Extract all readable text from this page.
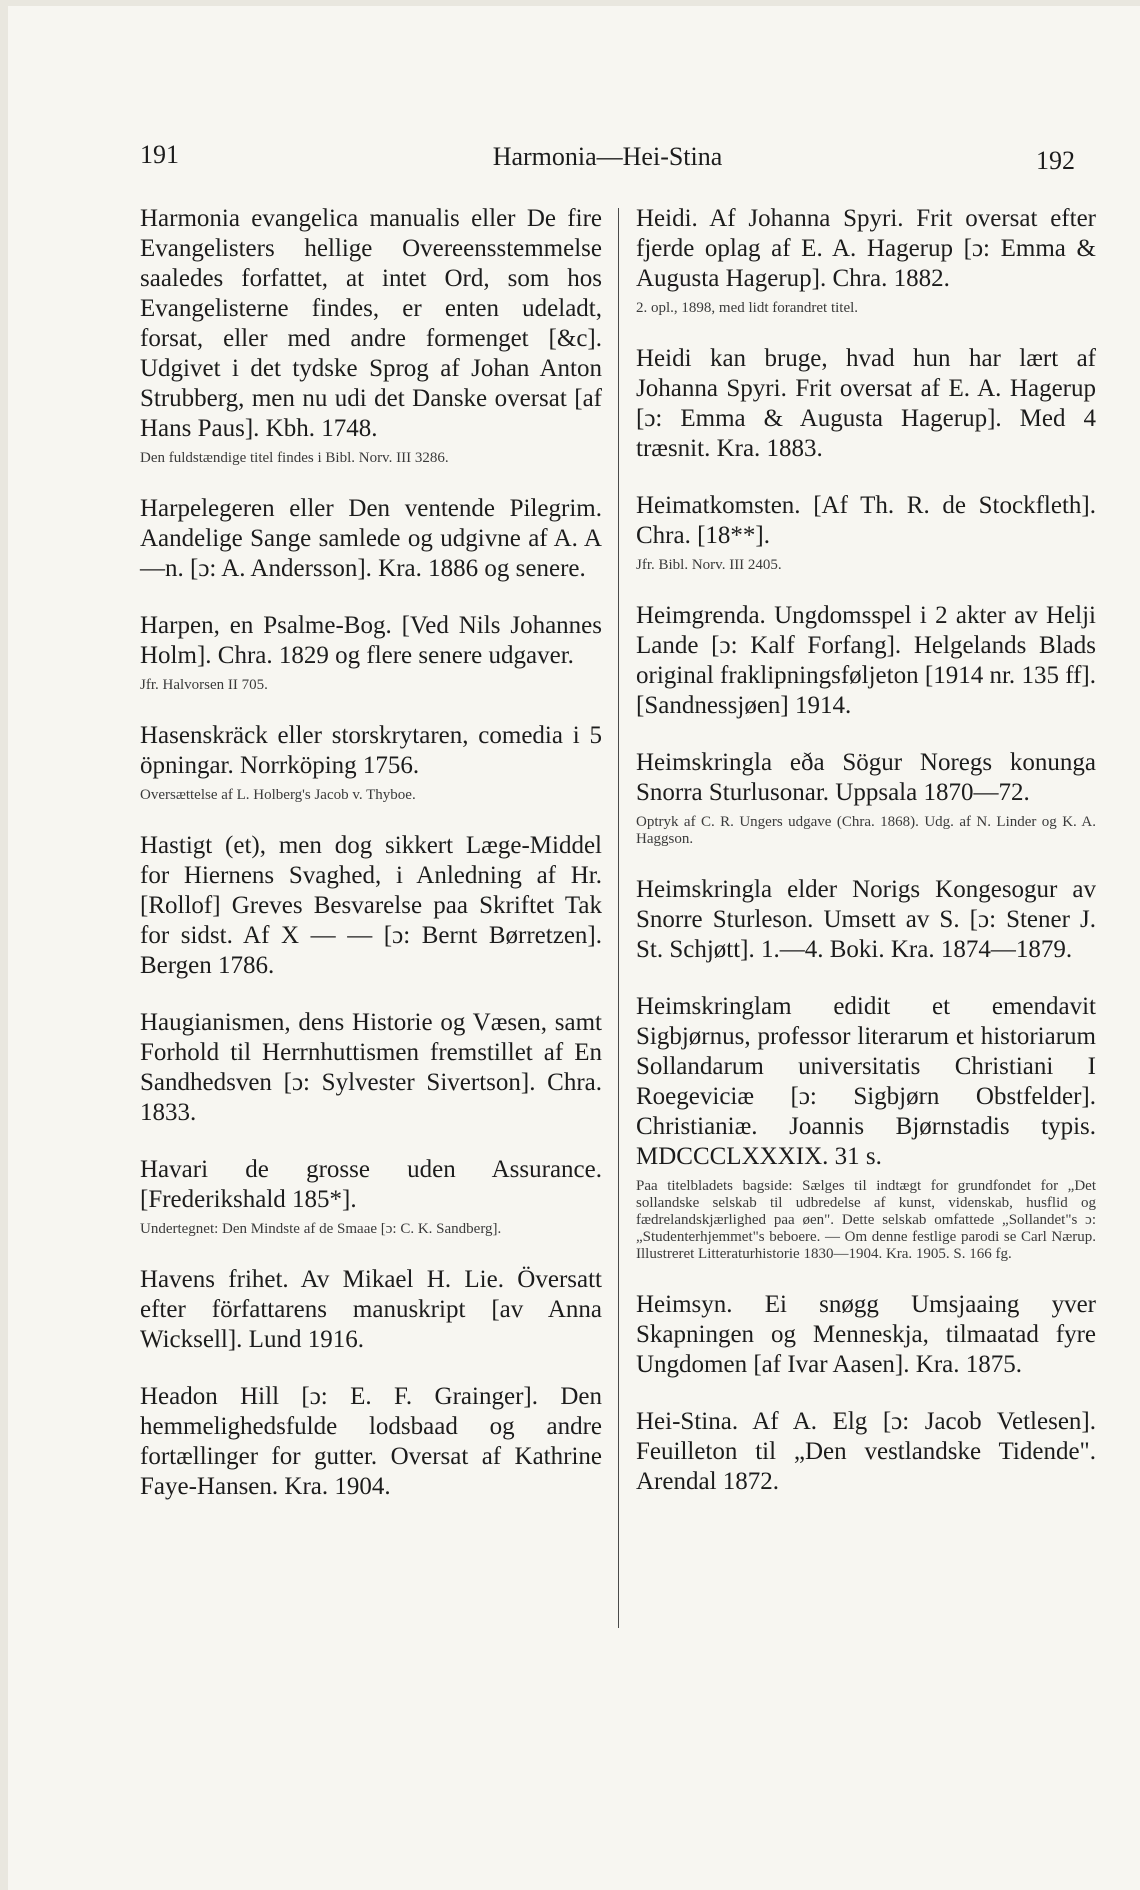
191	Harmonia—Hei-Stina	192

Harmonia evangelica manualis eller De fire Evangelisters hellige Overeensstemmelse saaledes forfattet, at intet Ord, som hos Evangelisterne findes, er enten udeladt, forsat, eller med andre formenget [&c]. Udgivet i det tydske Sprog af Johan Anton Strubberg, men nu udi det Danske oversat [af Hans Paus]. Kbh. 1748.

Den fuldstændige titel findes i Bibl. Norv. III 3286.

Harpelegeren eller Den ventende Pilegrim. Aandelige Sange samlede og udgivne af A. A—n. [ɔ: A. Andersson]. Kra. 1886 og senere.

Harpen, en Psalme-Bog. [Ved Nils Johannes Holm]. Chra. 1829 og flere senere udgaver.

Jfr. Halvorsen II 705.

Hasenskräck eller storskrytaren, comedia i 5 öpningar. Norrköping 1756.

Oversættelse af L. Holberg's Jacob v. Thyboe.

Hastigt (et), men dog sikkert Læge-Middel for Hiernens Svaghed, i Anledning af Hr. [Rollof] Greves Besvarelse paa Skriftet Tak for sidst. Af X — — [ɔ: Bernt Børretzen]. Bergen 1786.

Haugianismen, dens Historie og Væsen, samt Forhold til Herrnhuttismen fremstillet af En Sandhedsven [ɔ: Sylvester Sivertson]. Chra. 1833.

Havari de grosse uden Assurance. [Frederikshald 185*].

Undertegnet: Den Mindste af de Smaae [ɔ: C. K. Sandberg].

Havens frihet. Av Mikael H. Lie. Översatt efter författarens manuskript [av Anna Wicksell]. Lund 1916.

Headon Hill [ɔ: E. F. Grainger]. Den hemmelighedsfulde lodsbaad og andre fortællinger for gutter. Oversat af Kathrine Faye-Hansen. Kra. 1904.

Heidi. Af Johanna Spyri. Frit oversat efter fjerde oplag af E. A. Hagerup [ɔ: Emma & Augusta Hagerup]. Chra. 1882.

2. opl., 1898, med lidt forandret titel.

Heidi kan bruge, hvad hun har lært af Johanna Spyri. Frit oversat af E. A. Hagerup [ɔ: Emma & Augusta Hagerup]. Med 4 træsnit. Kra. 1883.

Heimatkomsten. [Af Th. R. de Stockfleth]. Chra. [18**].

Jfr. Bibl. Norv. III 2405.

Heimgrenda. Ungdomsspel i 2 akter av Helji Lande [ɔ: Kalf Forfang]. Helgelands Blads original fraklipningsføljeton [1914 nr. 135 ff]. [Sandnessjøen] 1914.

Heimskringla eða Sögur Noregs konunga Snorra Sturlusonar. Uppsala 1870—72.

Optryk af C. R. Ungers udgave (Chra. 1868). Udg. af N. Linder og K. A. Haggson.

Heimskringla elder Norigs Kongesogur av Snorre Sturleson. Umsett av S. [ɔ: Stener J. St. Schjøtt]. 1.—4. Boki. Kra. 1874—1879.

Heimskringlam edidit et emendavit Sigbjørnus, professor literarum et historiarum Sollandarum universitatis Christiani I Roegeviciæ [ɔ: Sigbjørn Obstfelder]. Christianiæ. Joannis Bjørnstadis typis. MDCCCLXXXIX. 31 s.

Paa titelbladets bagside: Sælges til indtægt for grundfondet for „Det sollandske selskab til udbredelse af kunst, videnskab, husflid og fædrelandskjærlighed paa øen". Dette selskab omfattede „Sollandet"s ɔ: „Studenterhjemmet"s beboere. — Om denne festlige parodi se Carl Nærup. Illustreret Litteraturhistorie 1830—1904. Kra. 1905. S. 166 fg.

Heimsyn. Ei snøgg Umsjaaing yver Skapningen og Menneskja, tilmaatad fyre Ungdomen [af Ivar Aasen]. Kra. 1875.

Hei-Stina. Af A. Elg [ɔ: Jacob Vetlesen]. Feuilleton til „Den vestlandske Tidende". Arendal 1872.
